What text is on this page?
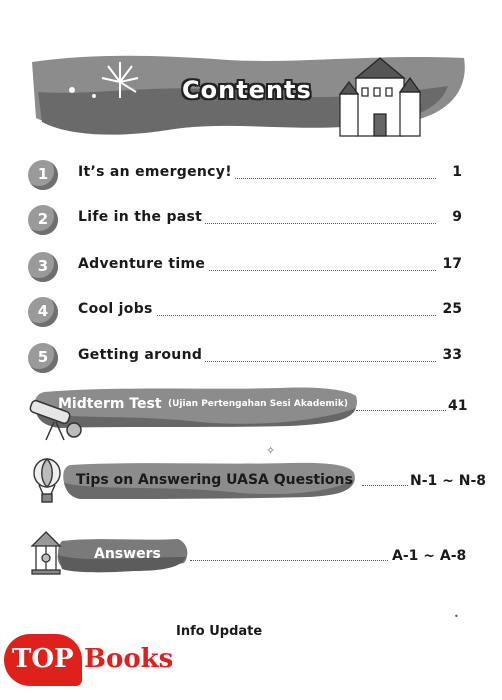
Contents
1	It’s an emergency!	1
2	Life in the past	9
3	Adventure time	17
4	Cool jobs	25
5	Getting around	33
Midterm Test (Ujian Pertengahan Sesi Akademik)	41
✧
Tips on Answering UASA Questions	N-1 ~ N-8
Answers	A-1 ~ A-8
Info Update
•
TOP Books
